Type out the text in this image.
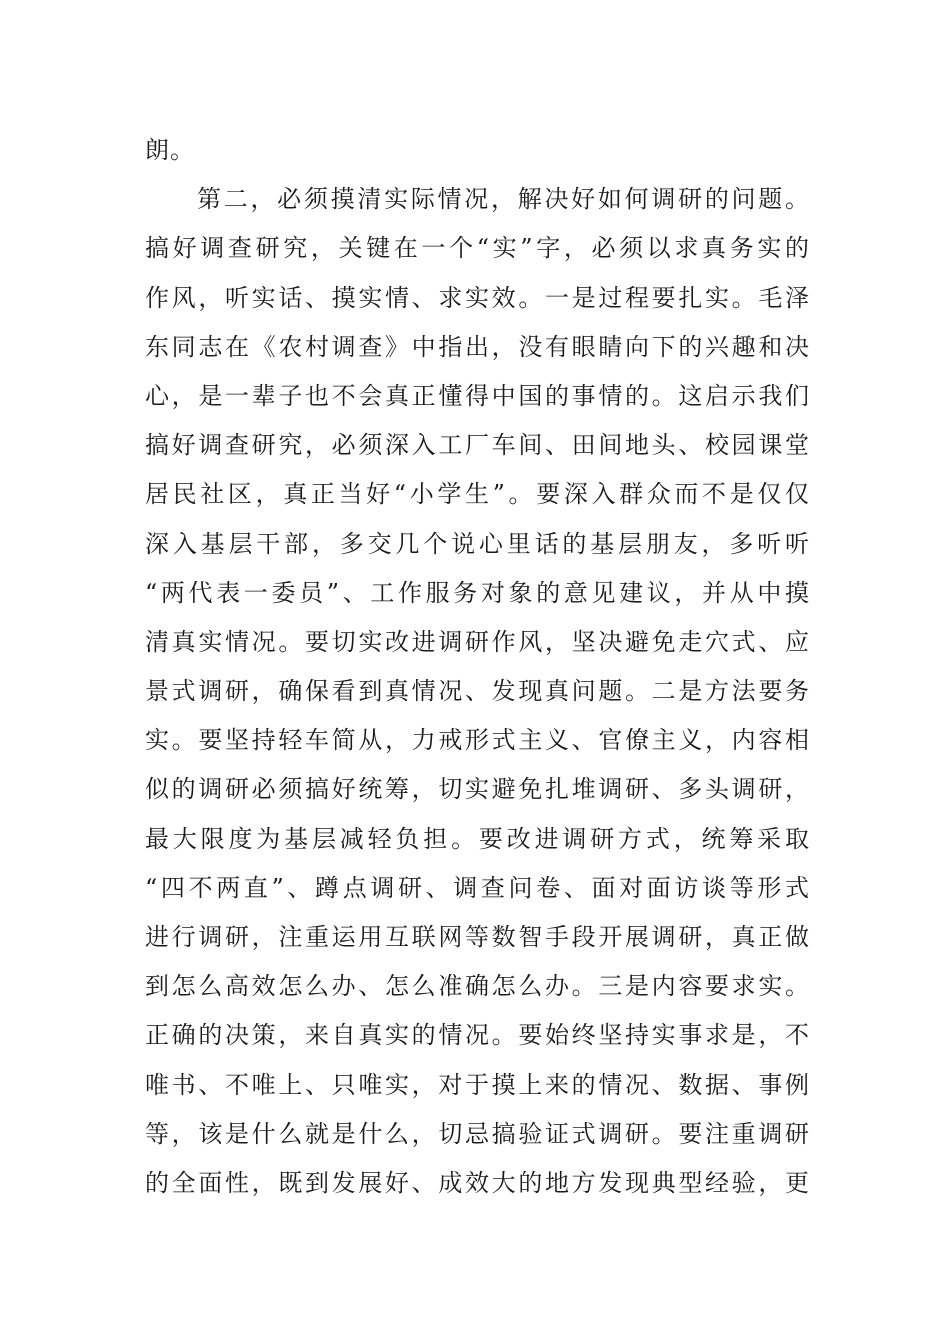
朗。
第二，必须摸清实际情况，解决好如何调研的问题。
搞好调查研究，关键在一个“实”字，必须以求真务实的
作风，听实话、摸实情、求实效。一是过程要扎实。毛泽
东同志在《农村调查》中指出，没有眼睛向下的兴趣和决
心，是一辈子也不会真正懂得中国的事情的。这启示我们
搞好调查研究，必须深入工厂车间、田间地头、校园课堂
居民社区，真正当好“小学生”。要深入群众而不是仅仅
深入基层干部，多交几个说心里话的基层朋友，多听听
“两代表一委员”、工作服务对象的意见建议，并从中摸
清真实情况。要切实改进调研作风，坚决避免走穴式、应
景式调研，确保看到真情况、发现真问题。二是方法要务
实。要坚持轻车简从，力戒形式主义、官僚主义，内容相
似的调研必须搞好统筹，切实避免扎堆调研、多头调研，
最大限度为基层减轻负担。要改进调研方式，统筹采取
“四不两直”、蹲点调研、调查问卷、面对面访谈等形式
进行调研，注重运用互联网等数智手段开展调研，真正做
到怎么高效怎么办、怎么准确怎么办。三是内容要求实。
正确的决策，来自真实的情况。要始终坚持实事求是，不
唯书、不唯上、只唯实，对于摸上来的情况、数据、事例
等，该是什么就是什么，切忌搞验证式调研。要注重调研
的全面性，既到发展好、成效大的地方发现典型经验，更
